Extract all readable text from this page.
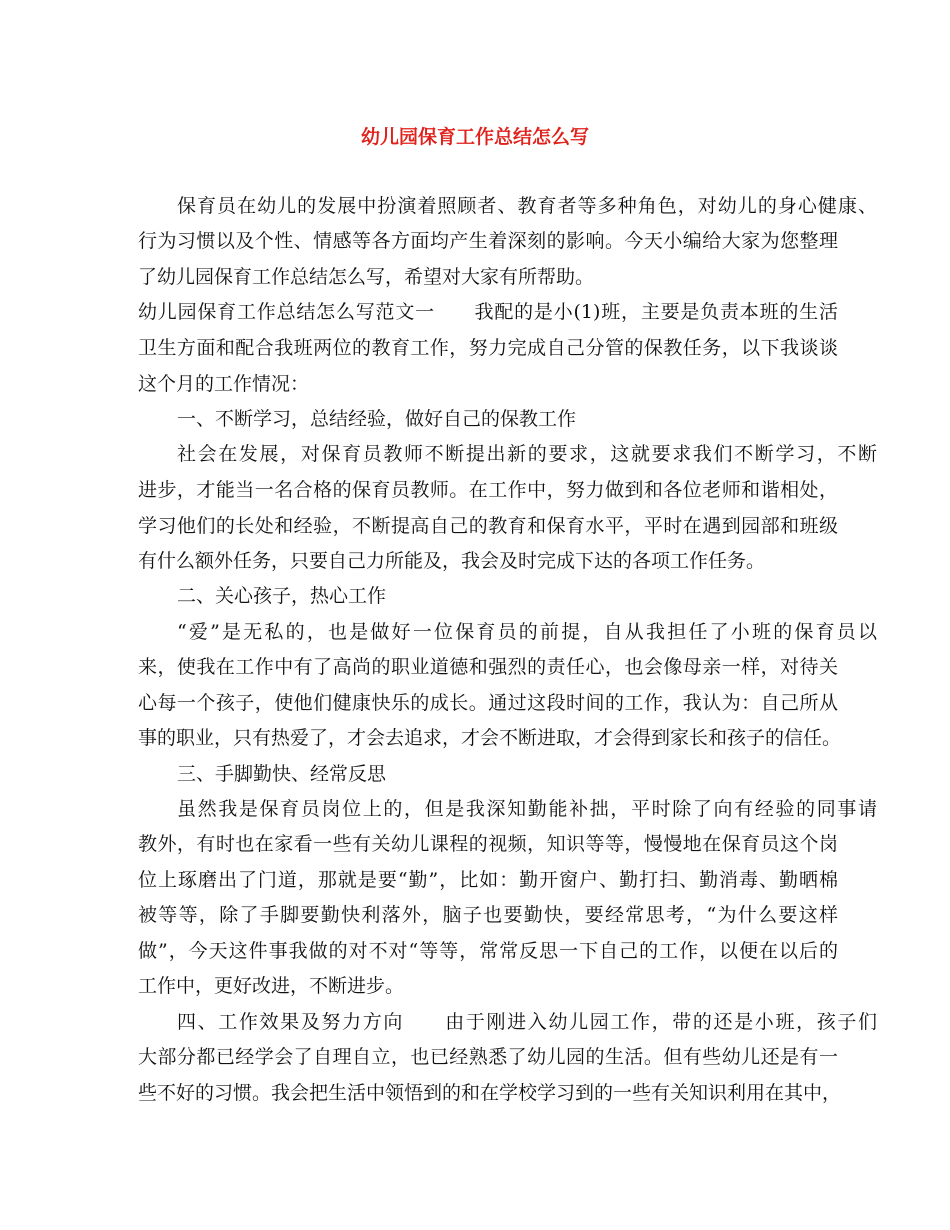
幼儿园保育工作总结怎么写

保育员在幼儿的发展中扮演着照顾者、教育者等多种角色，对幼儿的身心健康、

行为习惯以及个性、情感等各方面均产生着深刻的影响。今天小编给大家为您整理

了幼儿园保育工作总结怎么写，希望对大家有所帮助。

幼儿园保育工作总结怎么写范文一　　我配的是小(1)班，主要是负责本班的生活

卫生方面和配合我班两位的教育工作，努力完成自己分管的保教任务，以下我谈谈

这个月的工作情况：

一、不断学习，总结经验，做好自己的保教工作

社会在发展，对保育员教师不断提出新的要求，这就要求我们不断学习，不断

进步，才能当一名合格的保育员教师。在工作中，努力做到和各位老师和谐相处，

学习他们的长处和经验，不断提高自己的教育和保育水平，平时在遇到园部和班级

有什么额外任务，只要自己力所能及，我会及时完成下达的各项工作任务。

二、关心孩子，热心工作

“爱”是无私的，也是做好一位保育员的前提，自从我担任了小班的保育员以

来，使我在工作中有了高尚的职业道德和强烈的责任心，也会像母亲一样，对待关

心每一个孩子，使他们健康快乐的成长。通过这段时间的工作，我认为：自己所从

事的职业，只有热爱了，才会去追求，才会不断进取，才会得到家长和孩子的信任。

三、手脚勤快、经常反思

虽然我是保育员岗位上的，但是我深知勤能补拙，平时除了向有经验的同事请

教外，有时也在家看一些有关幼儿课程的视频，知识等等，慢慢地在保育员这个岗

位上琢磨出了门道，那就是要“勤”，比如：勤开窗户、勤打扫、勤消毒、勤晒棉

被等等，除了手脚要勤快利落外，脑子也要勤快，要经常思考，“为什么要这样

做”，今天这件事我做的对不对“等等，常常反思一下自己的工作，以便在以后的

工作中，更好改进，不断进步。

四、工作效果及努力方向　　由于刚进入幼儿园工作，带的还是小班，孩子们

大部分都已经学会了自理自立，也已经熟悉了幼儿园的生活。但有些幼儿还是有一

些不好的习惯。我会把生活中领悟到的和在学校学习到的一些有关知识利用在其中，
